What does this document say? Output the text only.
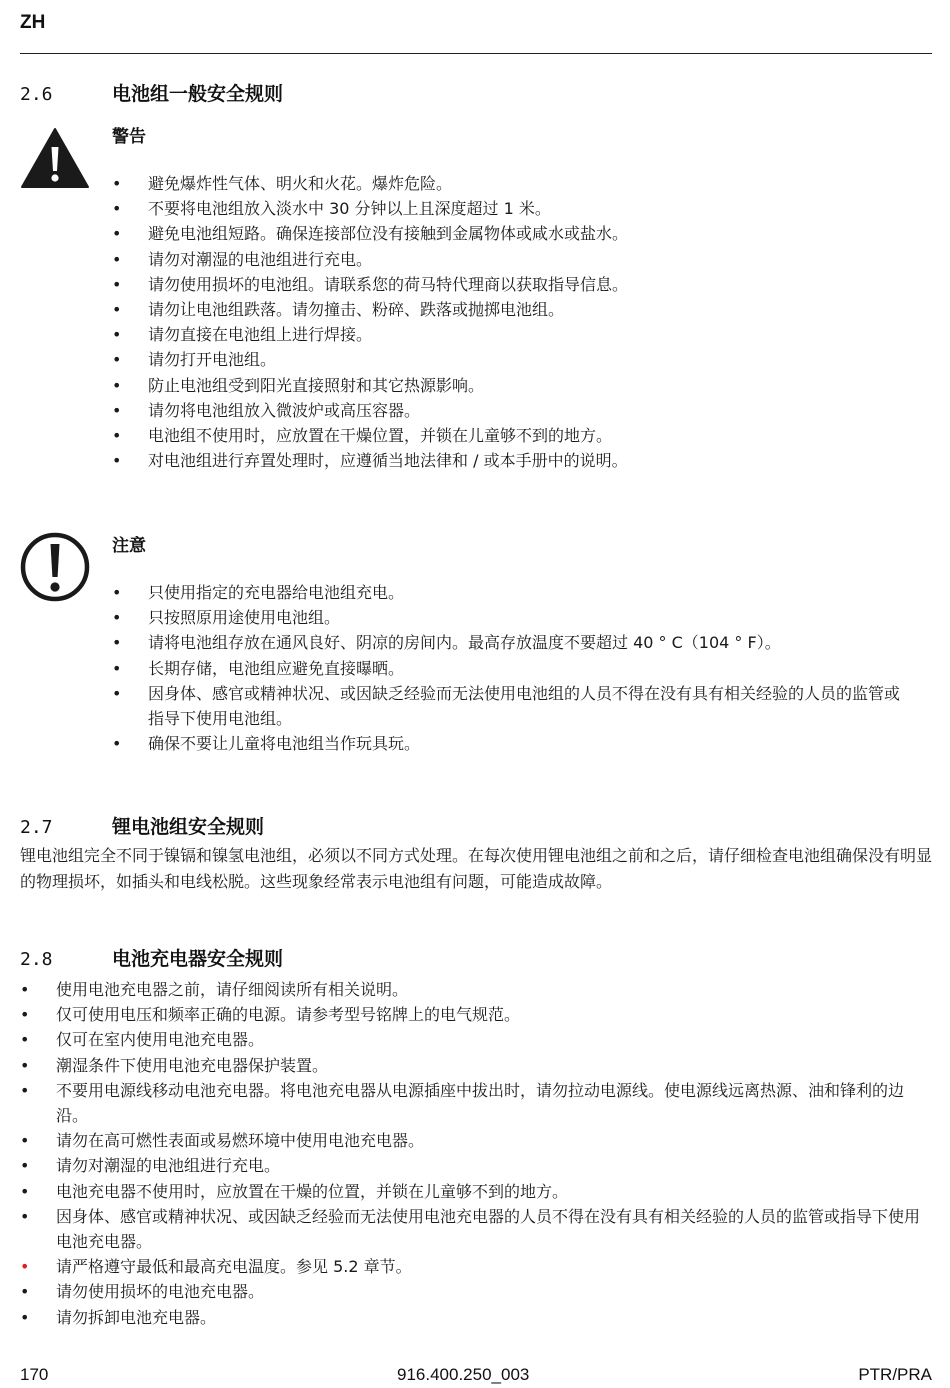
ZH
2.6	电池组一般安全规则
警告
• 避免爆炸性气体、明火和火花。爆炸危险。
• 不要将电池组放入淡水中 30 分钟以上且深度超过 1 米。
• 避免电池组短路。确保连接部位没有接触到金属物体或咸水或盐水。
• 请勿对潮湿的电池组进行充电。
• 请勿使用损坏的电池组。请联系您的荷马特代理商以获取指导信息。
• 请勿让电池组跌落。请勿撞击、粉碎、跌落或抛掷电池组。
• 请勿直接在电池组上进行焊接。
• 请勿打开电池组。
• 防止电池组受到阳光直接照射和其它热源影响。
• 请勿将电池组放入微波炉或高压容器。
• 电池组不使用时，应放置在干燥位置，并锁在儿童够不到的地方。
• 对电池组进行弃置处理时，应遵循当地法律和 / 或本手册中的说明。
注意
• 只使用指定的充电器给电池组充电。
• 只按照原用途使用电池组。
• 请将电池组存放在通风良好、阴凉的房间内。最高存放温度不要超过 40 ° C（104 ° F）。
• 长期存储，电池组应避免直接曝晒。
• 因身体、感官或精神状况、或因缺乏经验而无法使用电池组的人员不得在没有具有相关经验的人员的监管或指导下使用电池组。
• 确保不要让儿童将电池组当作玩具玩。
2.7	锂电池组安全规则

锂电池组完全不同于镍镉和镍氢电池组，必须以不同方式处理。在每次使用锂电池组之前和之后，请仔细检查电池组确保没有明显的物理损坏，如插头和电线松脱。这些现象经常表示电池组有问题，可能造成故障。

2.8	电池充电器安全规则
• 使用电池充电器之前，请仔细阅读所有相关说明。
• 仅可使用电压和频率正确的电源。请参考型号铭牌上的电气规范。
• 仅可在室内使用电池充电器。
• 潮湿条件下使用电池充电器保护装置。
• 不要用电源线移动电池充电器。将电池充电器从电源插座中拔出时，请勿拉动电源线。使电源线远离热源、油和锋利的边沿。
• 请勿在高可燃性表面或易燃环境中使用电池充电器。
• 请勿对潮湿的电池组进行充电。
• 电池充电器不使用时，应放置在干燥的位置，并锁在儿童够不到的地方。
• 因身体、感官或精神状况、或因缺乏经验而无法使用电池充电器的人员不得在没有具有相关经验的人员的监管或指导下使用电池充电器。
• 请严格遵守最低和最高充电温度。参见 5.2 章节。
• 请勿使用损坏的电池充电器。
• 请勿拆卸电池充电器。
170	916.400.250_003	PTR/PRA
